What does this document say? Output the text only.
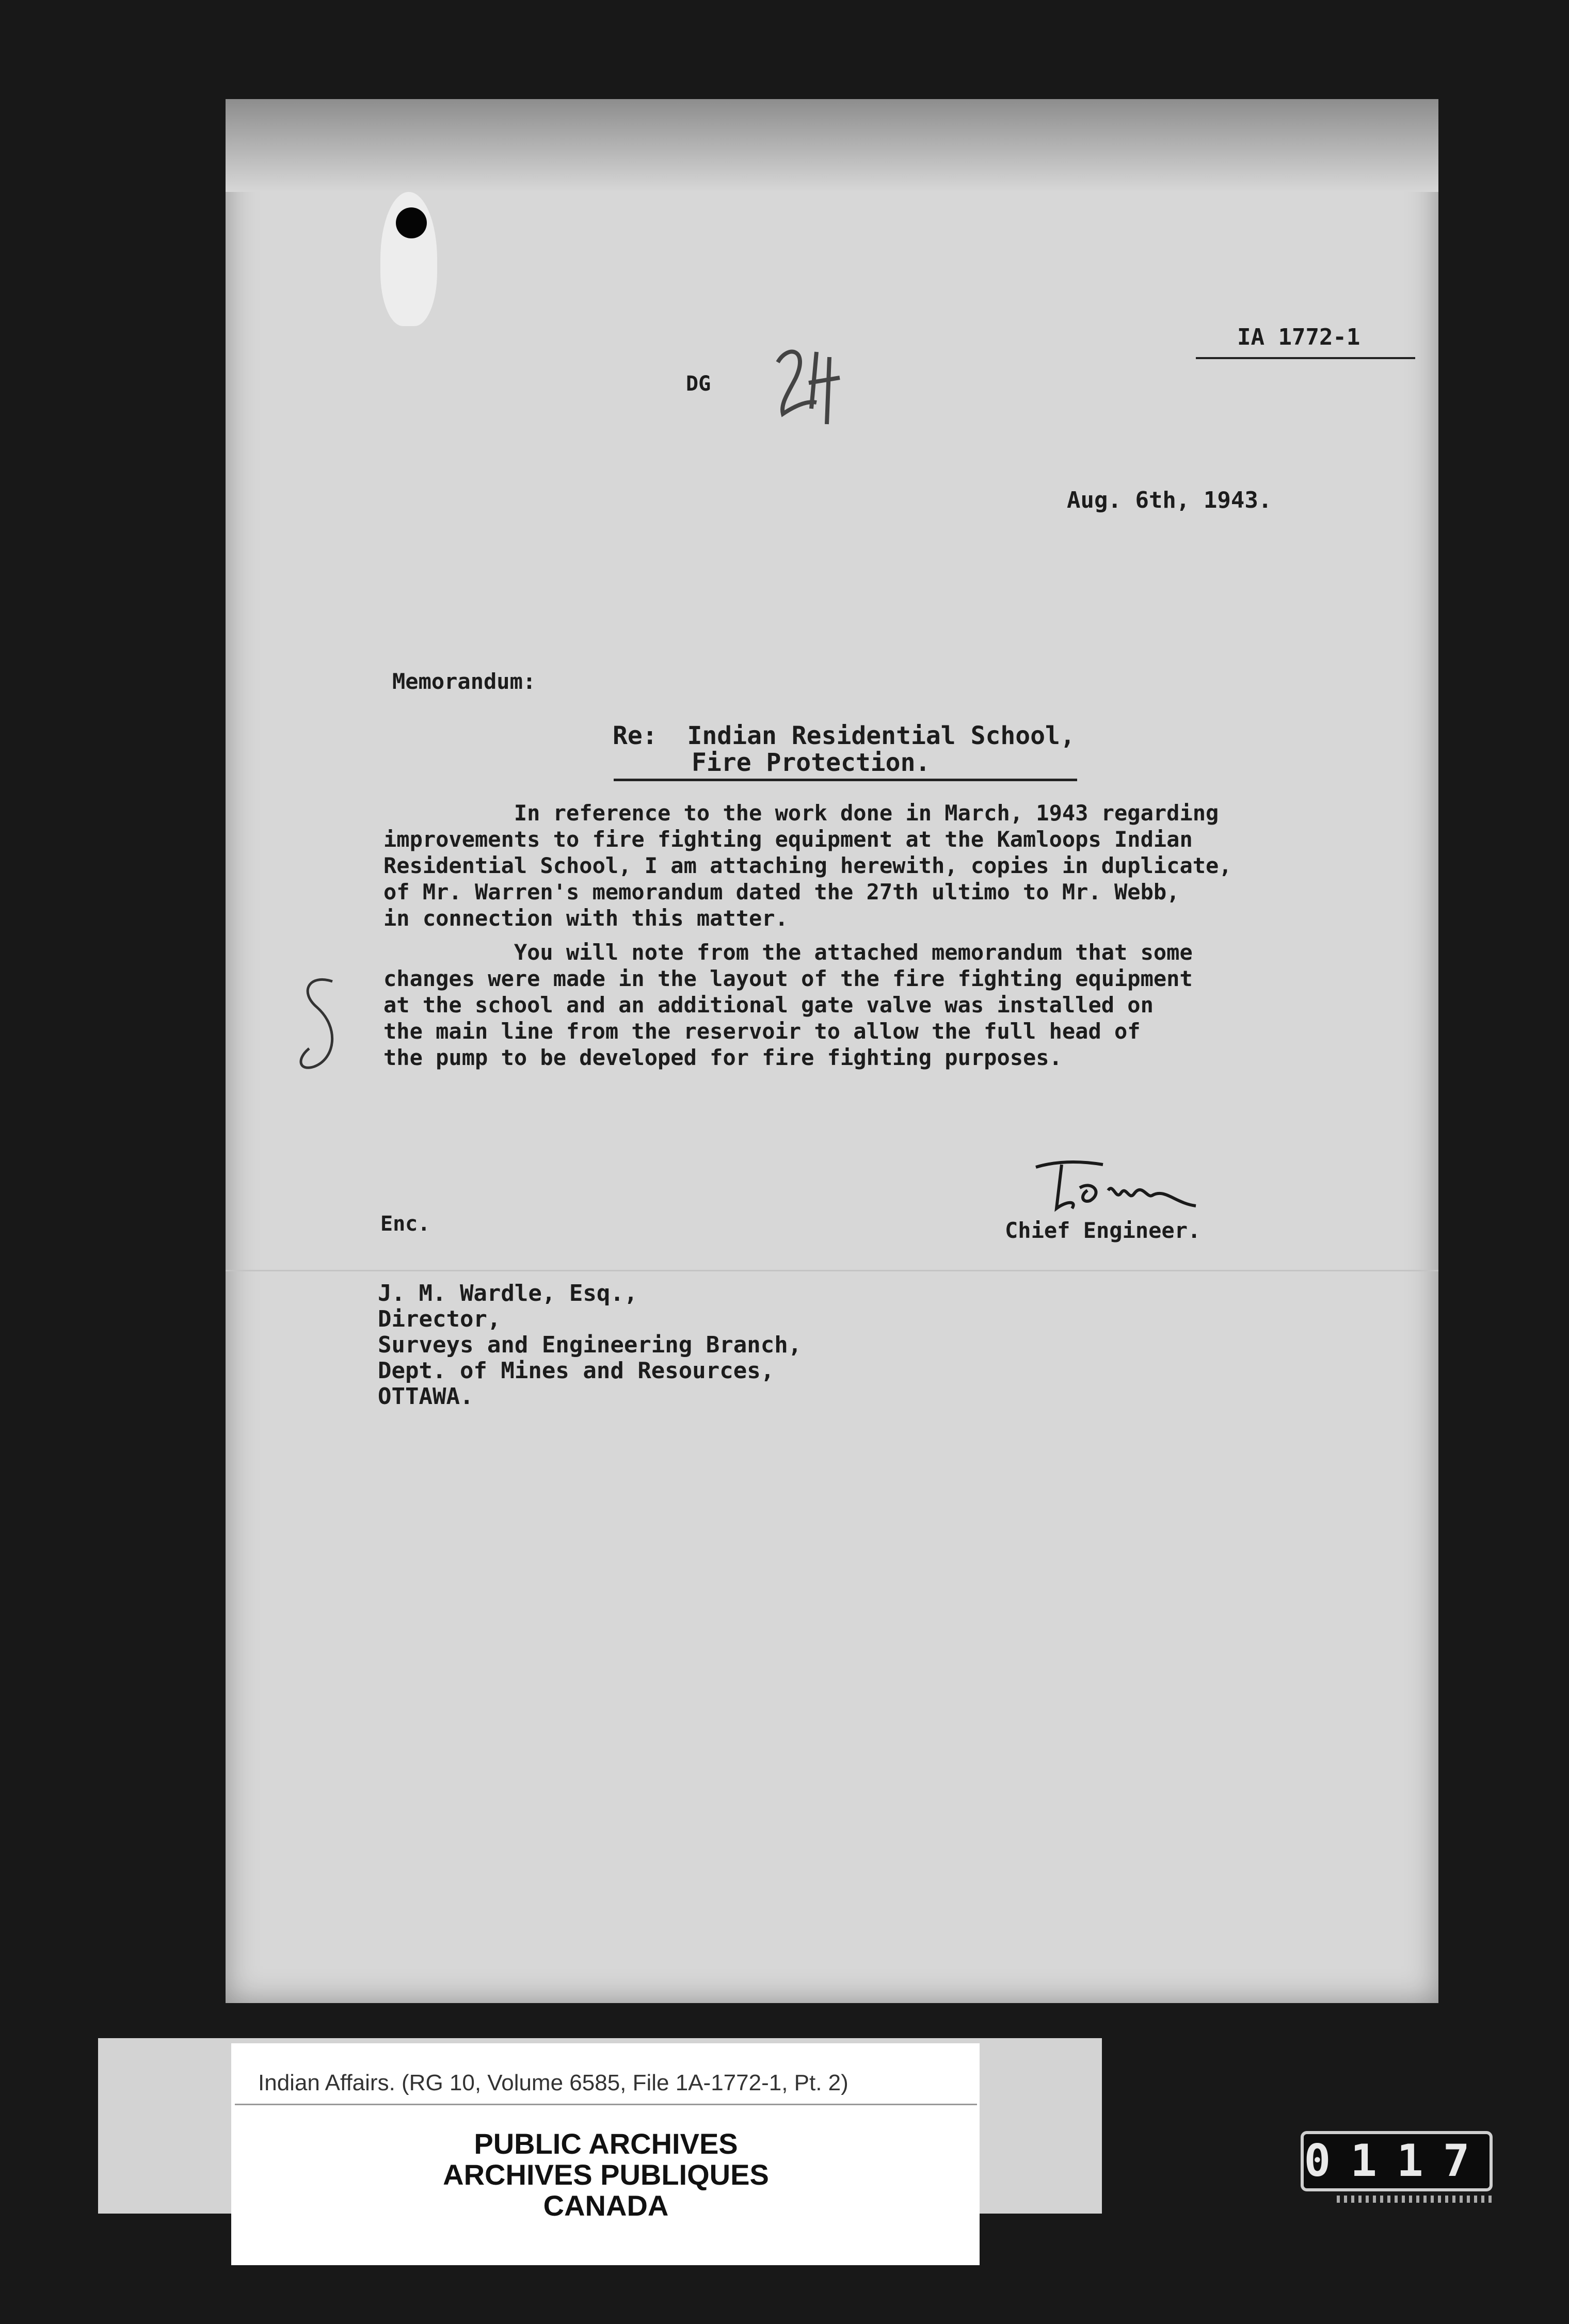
IA 1772-1
DG
Aug. 6th, 1943.
Memorandum:
Re:  Indian Residential School,
Fire Protection.
In reference to the work done in March, 1943 regarding
improvements to fire fighting equipment at the Kamloops Indian
Residential School, I am attaching herewith, copies in duplicate,
of Mr. Warren's memorandum dated the 27th ultimo to Mr. Webb,
in connection with this matter.
You will note from the attached memorandum that some
changes were made in the layout of the fire fighting equipment
at the school and an additional gate valve was installed on
the main line from the reservoir to allow the full head of
the pump to be developed for fire fighting purposes.
Enc.	Chief Engineer.
J. M. Wardle, Esq.,
Director,
Surveys and Engineering Branch,
Dept. of Mines and Resources,
OTTAWA.
Indian Affairs. (RG 10, Volume 6585, File 1A-1772-1, Pt. 2)
PUBLIC ARCHIVES
ARCHIVES PUBLIQUES
CANADA
0117
